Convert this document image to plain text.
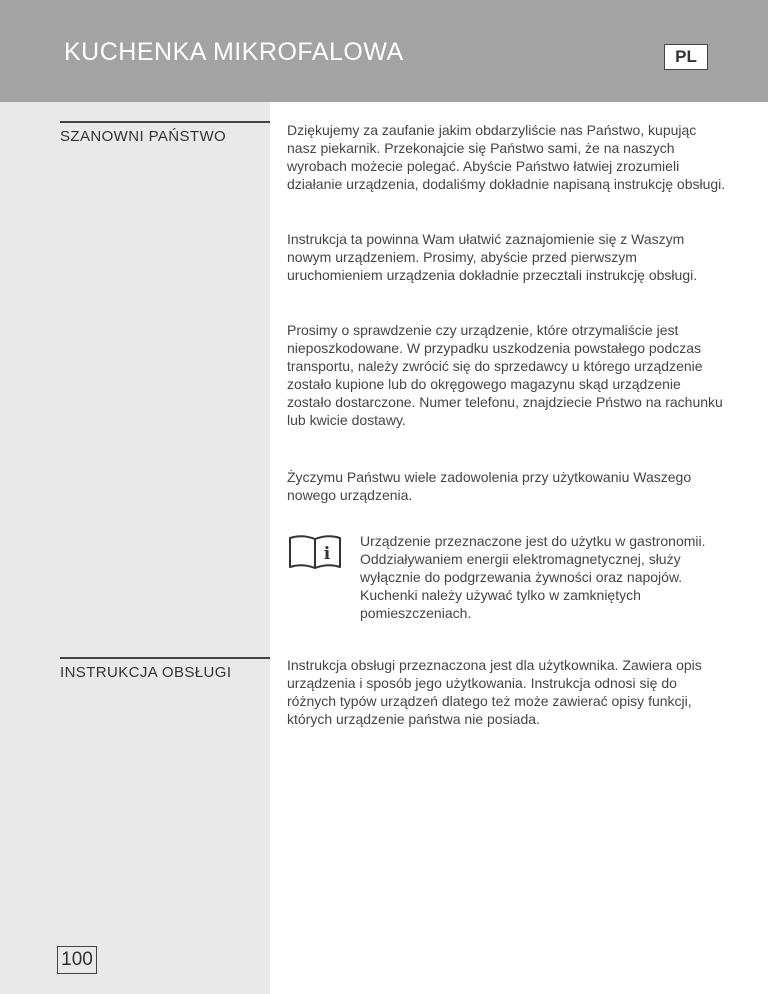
KUCHENKA MIKROFALOWA	PL
SZANOWNI PAŃSTWO	Dziękujemy za zaufanie jakim obdarzyliście nas Państwo, kupując nasz piekarnik. Przekonajcie się Państwo sami, że na naszych wyrobach możecie polegać. Abyście Państwo łatwiej zrozumieli działanie urządzenia, dodaliśmy dokładnie napisaną instrukcję obsługi.

Instrukcja ta powinna Wam ułatwić zaznajomienie się z Waszym nowym urządzeniem. Prosimy, abyście przed pierwszym uruchomieniem urządzenia dokładnie przecztali instrukcję obsługi.

Prosimy o sprawdzenie czy urządzenie, które otrzymaliście jest nieposzkodowane. W przypadku uszkodzenia powstałego podczas transportu, należy zwrócić się do sprzedawcy u którego urządzenie zostało kupione lub do okręgowego magazynu skąd urządzenie zostało dostarczone. Numer telefonu, znajdziecie Pństwo na rachunku lub kwicie dostawy.

Życzymu Państwu wiele zadowolenia przy użytkowaniu Waszego nowego urządzenia.

i

Urządzenie przeznaczone jest do użytku w gastronomii. Oddziaływaniem energii elektromagnetycznej, służy wyłącznie do podgrzewania żywności oraz napojów. Kuchenki należy używać tylko w zamkniętych pomieszczeniach.

INSTRUKCJA OBSŁUGI	Instrukcja obsługi przeznaczona jest dla użytkownika. Zawiera opis urządzenia i sposób jego użytkowania. Instrukcja odnosi się do różnych typów urządzeń dlatego też może zawierać opisy funkcji, których urządzenie państwa nie posiada.

100
